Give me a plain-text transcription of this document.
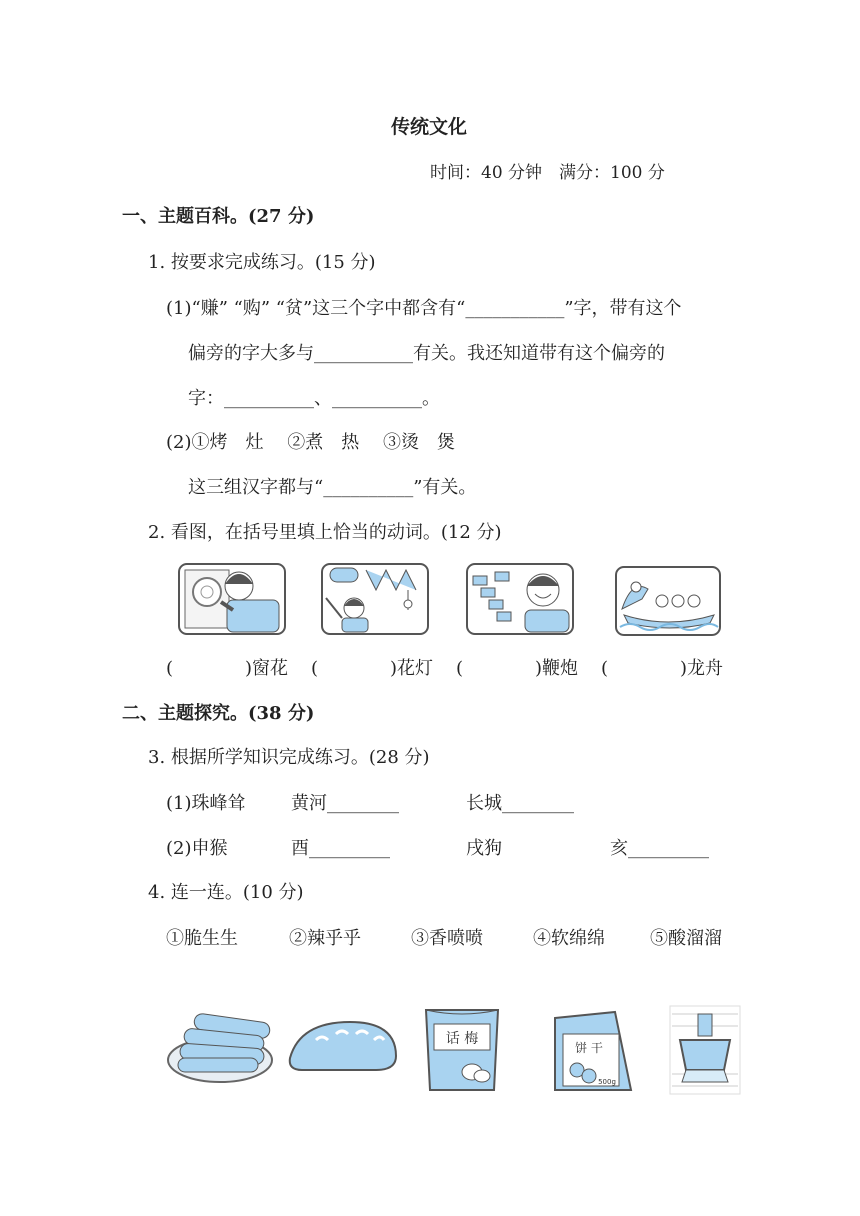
传统文化
时间：40 分钟　满分：100 分
一、主题百科。(27 分)
1. 按要求完成练习。(15 分)
(1)“赚” “购” “贫”这三个字中都含有“___________”字，带有这个
偏旁的字大多与___________有关。我还知道带有这个偏旁的
字：__________、__________。
(2)①烤　灶　 ②煮　热　 ③烫　煲
这三组汉字都与“__________”有关。
2. 看图，在括号里填上恰当的动词。(12 分)
(　　　　)窗花 (　　　　)花灯 (　　　　)鞭炮 (　　　　)龙舟
二、主题探究。(38 分)
3. 根据所学知识完成练习。(28 分)
(1)珠峰耸	黄河________	长城________
(2)申猴	酉_________	戌狗	亥_________
4. 连一连。(10 分)
①脆生生	②辣乎乎	③香喷喷	④软绵绵	⑤酸溜溜
话 梅
饼 干
500g
